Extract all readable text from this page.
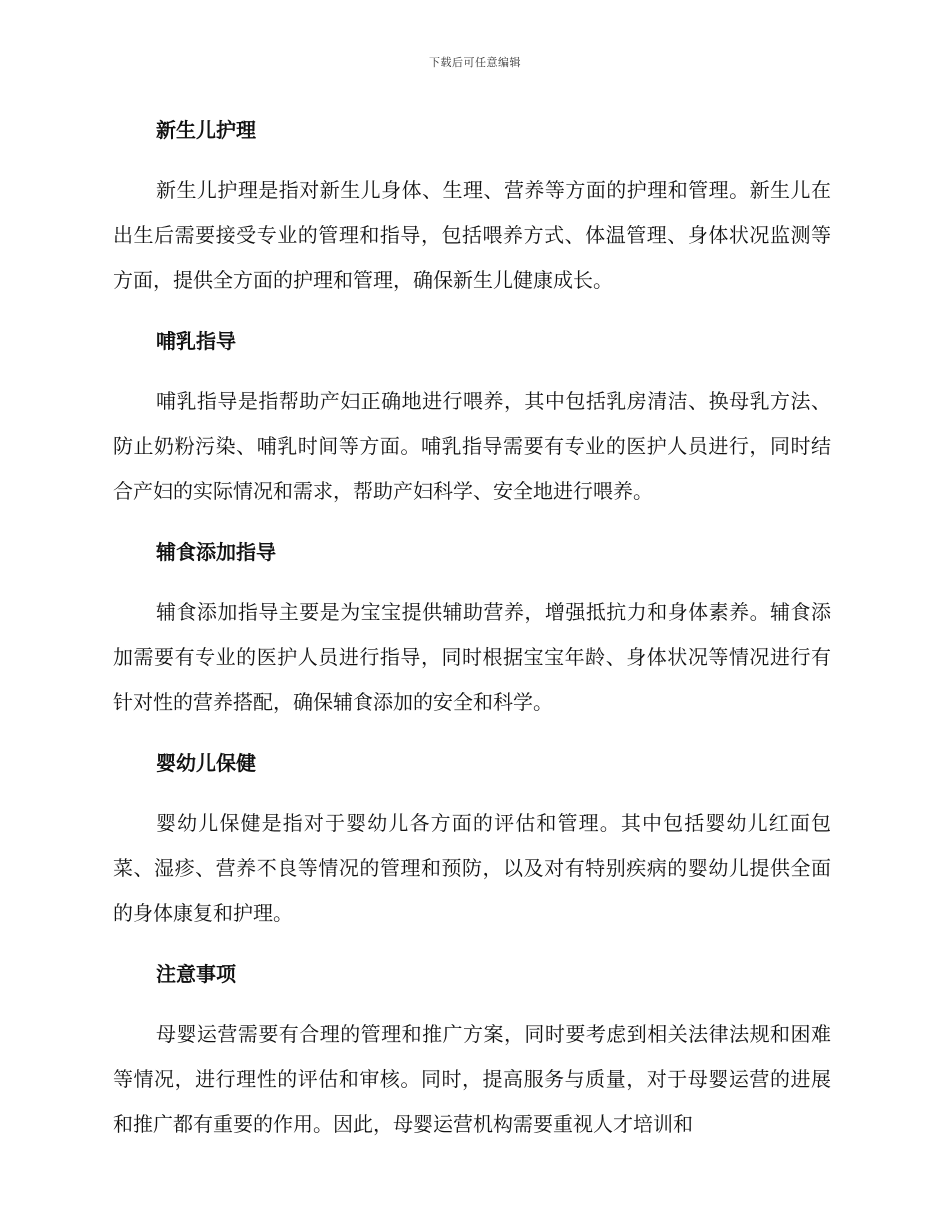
下载后可任意编辑
新生儿护理

新生儿护理是指对新生儿身体、生理、营养等方面的护理和管理。新生儿在出生后需要接受专业的管理和指导，包括喂养方式、体温管理、身体状况监测等方面，提供全方面的护理和管理，确保新生儿健康成长。

哺乳指导

哺乳指导是指帮助产妇正确地进行喂养，其中包括乳房清洁、换母乳方法、防止奶粉污染、哺乳时间等方面。哺乳指导需要有专业的医护人员进行，同时结合产妇的实际情况和需求，帮助产妇科学、安全地进行喂养。

辅食添加指导

辅食添加指导主要是为宝宝提供辅助营养，增强抵抗力和身体素养。辅食添加需要有专业的医护人员进行指导，同时根据宝宝年龄、身体状况等情况进行有针对性的营养搭配，确保辅食添加的安全和科学。

婴幼儿保健

婴幼儿保健是指对于婴幼儿各方面的评估和管理。其中包括婴幼儿红面包菜、湿疹、营养不良等情况的管理和预防，以及对有特别疾病的婴幼儿提供全面的身体康复和护理。

注意事项

母婴运营需要有合理的管理和推广方案，同时要考虑到相关法律法规和困难等情况，进行理性的评估和审核。同时，提高服务与质量，对于母婴运营的进展和推广都有重要的作用。因此，母婴运营机构需要重视人才培训和
